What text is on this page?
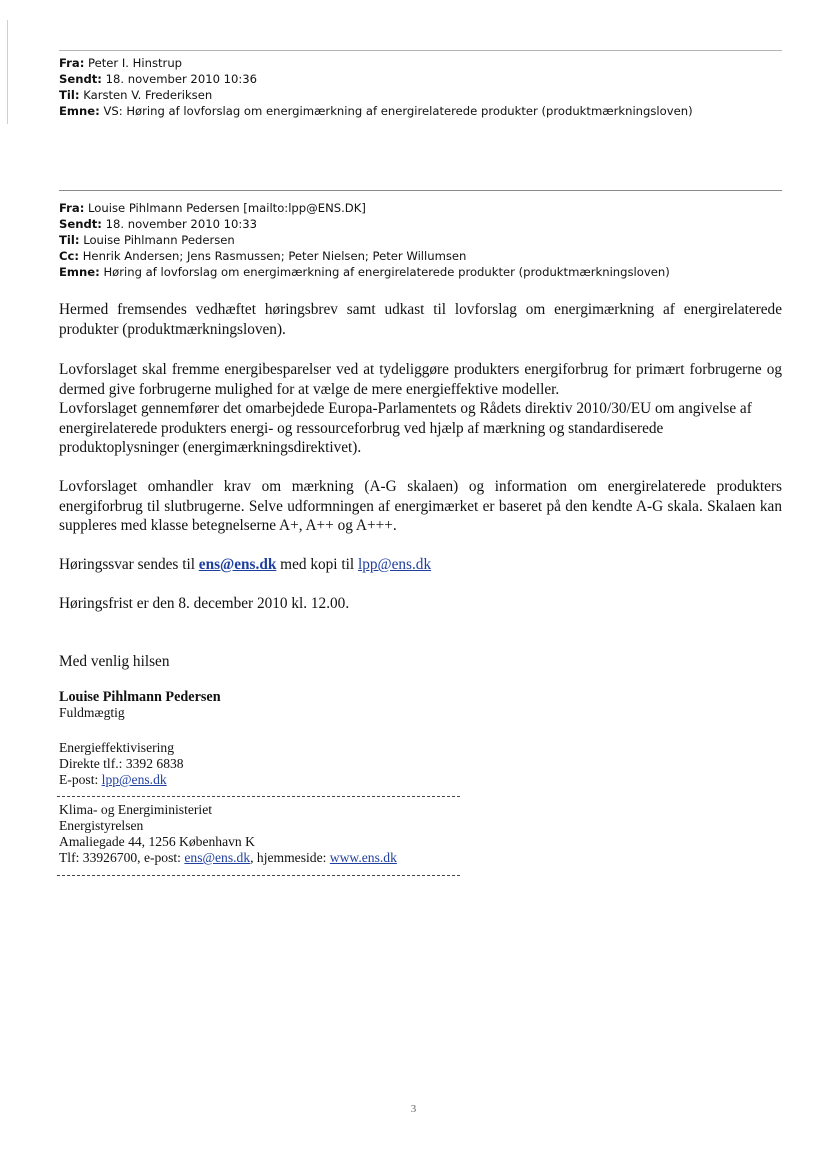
Fra: Peter I. Hinstrup
Sendt: 18. november 2010 10:36
Til: Karsten V. Frederiksen
Emne: VS: Høring af lovforslag om energimærkning af energirelaterede produkter (produktmærkningsloven)
Fra: Louise Pihlmann Pedersen [mailto:lpp@ENS.DK]
Sendt: 18. november 2010 10:33
Til: Louise Pihlmann Pedersen
Cc: Henrik Andersen; Jens Rasmussen; Peter Nielsen; Peter Willumsen
Emne: Høring af lovforslag om energimærkning af energirelaterede produkter (produktmærkningsloven)

Hermed fremsendes vedhæftet høringsbrev samt udkast til lovforslag om energimærkning af energirelaterede produkter (produktmærkningsloven).

Lovforslaget skal fremme energibesparelser ved at tydeliggøre produkters energiforbrug for primært forbrugerne og dermed give forbrugerne mulighed for at vælge de mere energieffektive modeller.

Lovforslaget gennemfører det omarbejdede Europa-Parlamentets og Rådets direktiv 2010/30/EU om angivelse af energirelaterede produkters energi- og ressourceforbrug ved hjælp af mærkning og standardiserede produktoplysninger (energimærkningsdirektivet).

Lovforslaget omhandler krav om mærkning (A-G skalaen) og information om energirelaterede produkters energiforbrug til slutbrugerne. Selve udformningen af energimærket er baseret på den kendte A-G skala. Skalaen kan suppleres med klasse betegnelserne A+, A++ og A+++.

Høringssvar sendes til ens@ens.dk med kopi til lpp@ens.dk
Høringsfrist er den 8. december 2010 kl. 12.00.
Med venlig hilsen
Louise Pihlmann Pedersen
Fuldmægtig
Energieffektivisering
Direkte tlf.: 3392 6838
E-post: lpp@ens.dk
Klima- og Energiministeriet
Energistyrelsen
Amaliegade 44, 1256 København K
Tlf: 33926700, e-post: ens@ens.dk, hjemmeside: www.ens.dk
3
